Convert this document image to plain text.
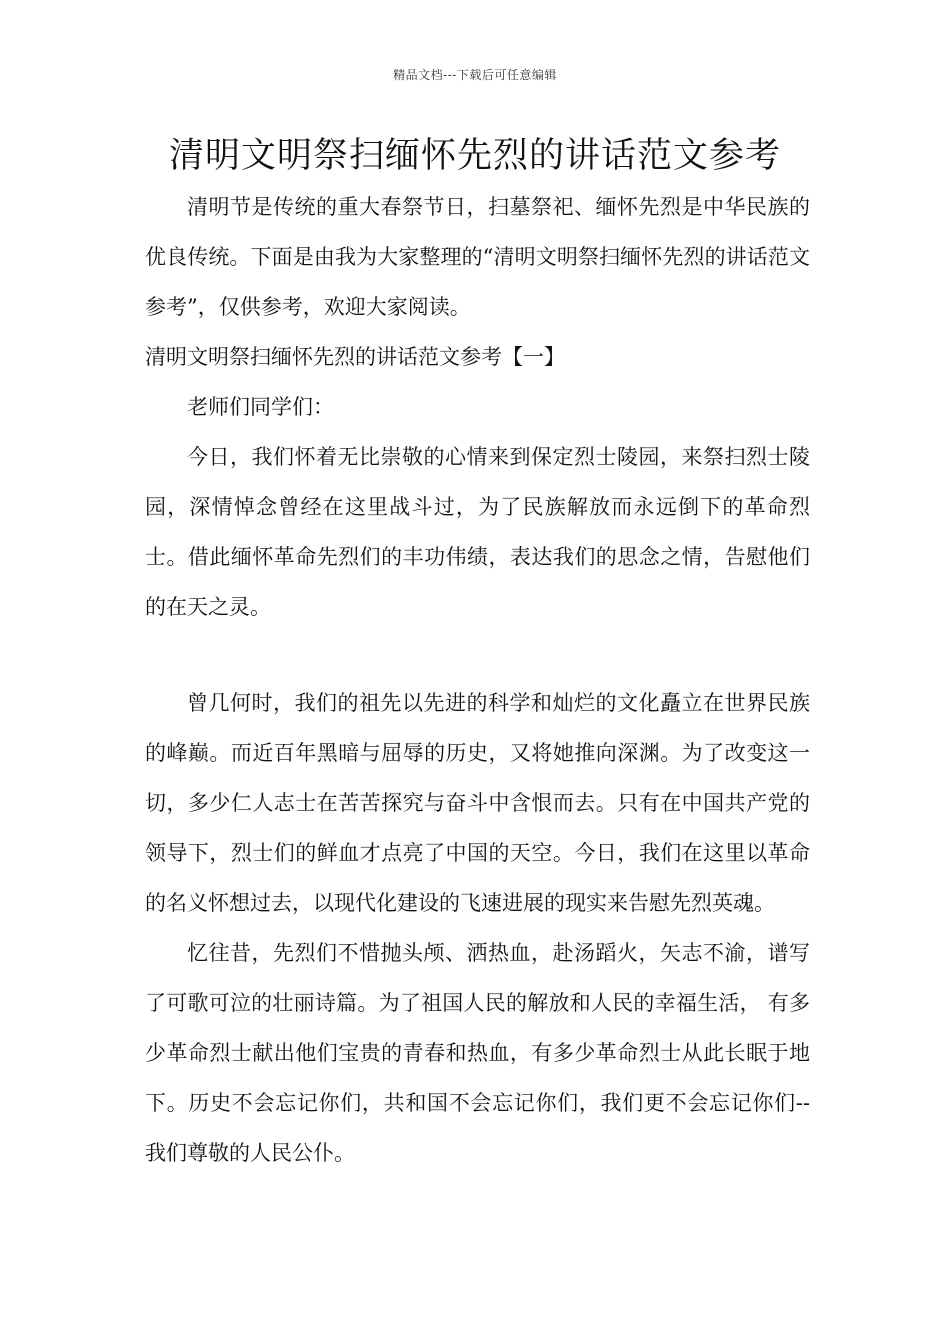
精品文档---下载后可任意编辑
清明文明祭扫缅怀先烈的讲话范文参考

清明节是传统的重大春祭节日，扫墓祭祀、缅怀先烈是中华民族的优良传统。下面是由我为大家整理的“清明文明祭扫缅怀先烈的讲话范文参考”，仅供参考，欢迎大家阅读。

清明文明祭扫缅怀先烈的讲话范文参考【一】

老师们同学们：

今日，我们怀着无比崇敬的心情来到保定烈士陵园，来祭扫烈士陵园，深情悼念曾经在这里战斗过，为了民族解放而永远倒下的革命烈士。借此缅怀革命先烈们的丰功伟绩，表达我们的思念之情，告慰他们的在天之灵。

曾几何时，我们的祖先以先进的科学和灿烂的文化矗立在世界民族的峰巅。而近百年黑暗与屈辱的历史，又将她推向深渊。为了改变这一切，多少仁人志士在苦苦探究与奋斗中含恨而去。只有在中国共产党的领导下，烈士们的鲜血才点亮了中国的天空。今日，我们在这里以革命的名义怀想过去，以现代化建设的飞速进展的现实来告慰先烈英魂。

忆往昔，先烈们不惜抛头颅、洒热血，赴汤蹈火，矢志不渝，谱写了可歌可泣的壮丽诗篇。为了祖国人民的解放和人民的幸福生活， 有多少革命烈士献出他们宝贵的青春和热血，有多少革命烈士从此长眠于地下。历史不会忘记你们，共和国不会忘记你们，我们更不会忘记你们--我们尊敬的人民公仆。
